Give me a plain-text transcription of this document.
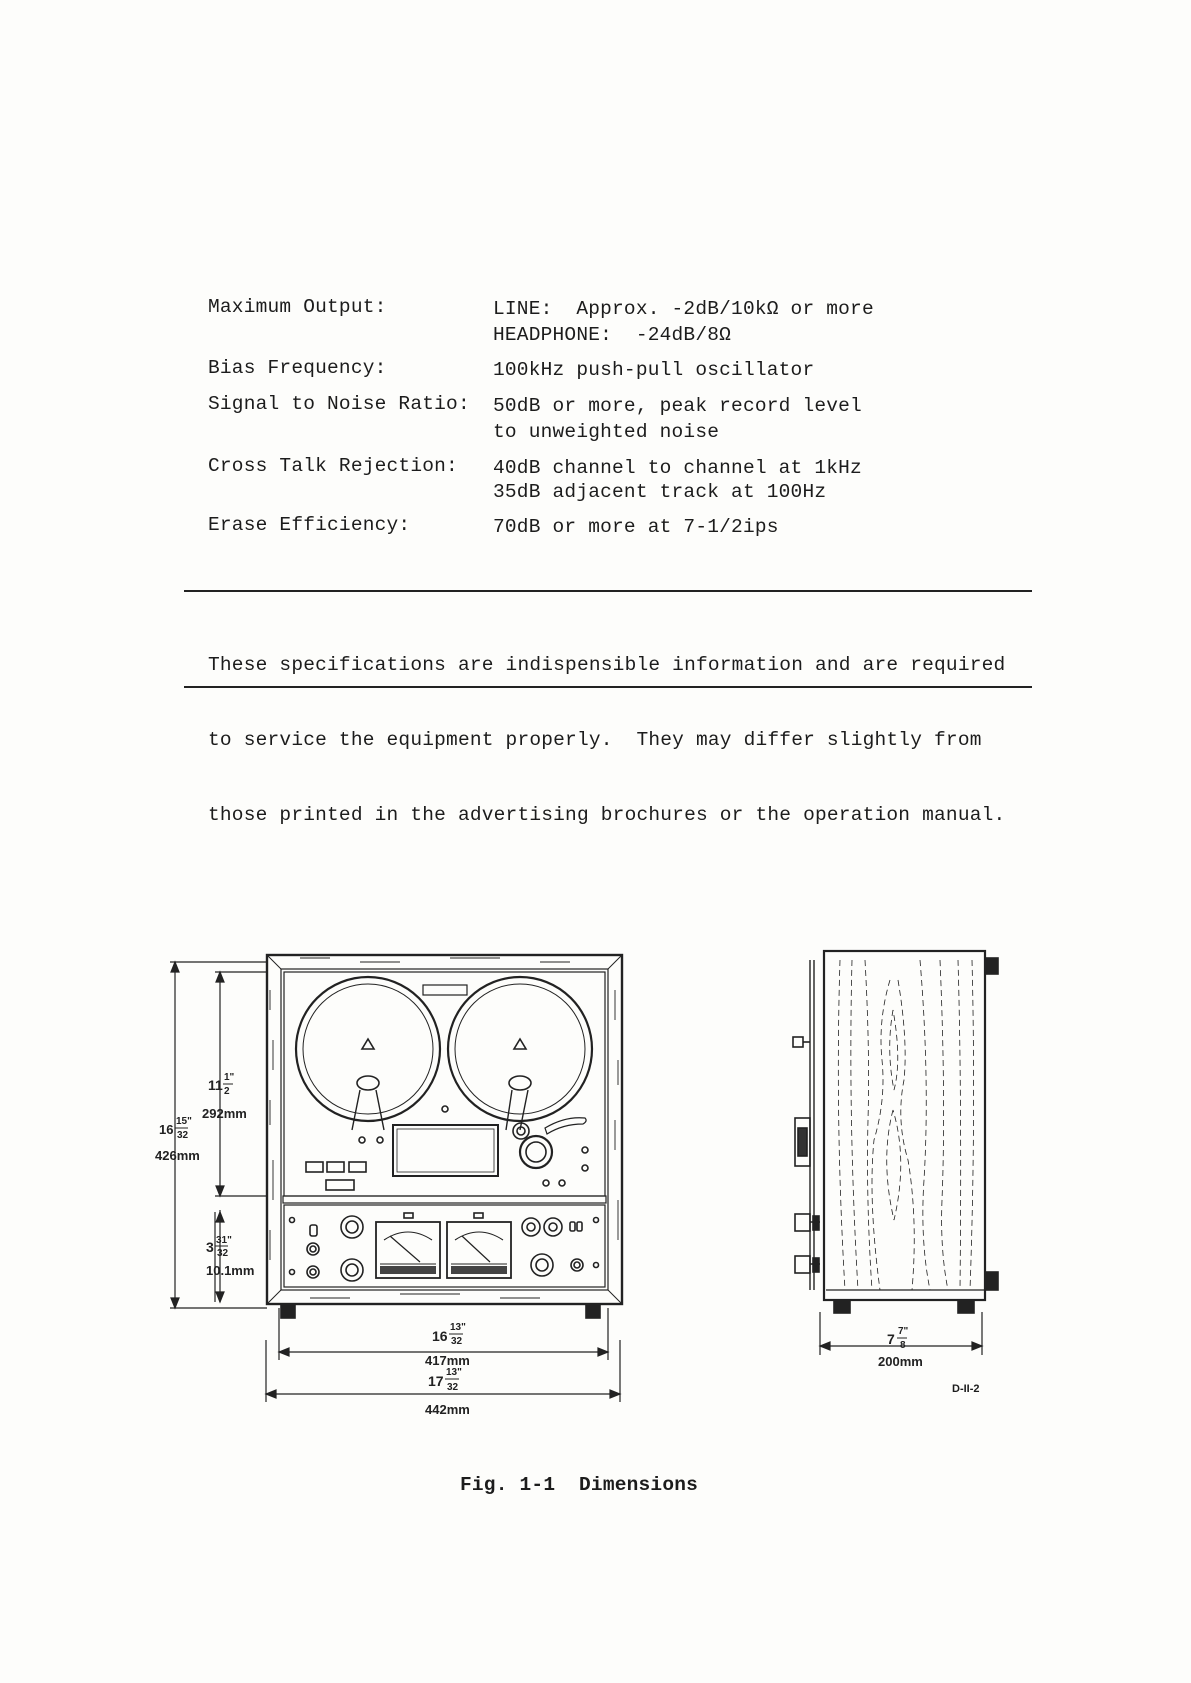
Maximum Output:	LINE:  Approx. -2dB/10kΩ or more
HEADPHONE:  -24dB/8Ω
Bias Frequency:	100kHz push-pull oscillator
Signal to Noise Ratio: 50dB or more, peak record level
to unweighted noise
Cross Talk Rejection: 40dB channel to channel at 1kHz
35dB adjacent track at 100Hz
Erase Efficiency:	70dB or more at 7-1/2ips

These specifications are indispensible information and are required

to service the equipment properly.  They may differ slightly from

those printed in the advertising brochures or the operation manual.

11 1"
2
292mm
16
15"
32
426mm
3 31"
32
10.1mm
16
13"
32
417mm
17
13"
32
442mm
7 7"
8
200mm
D-II-2
Fig. 1-1  Dimensions
